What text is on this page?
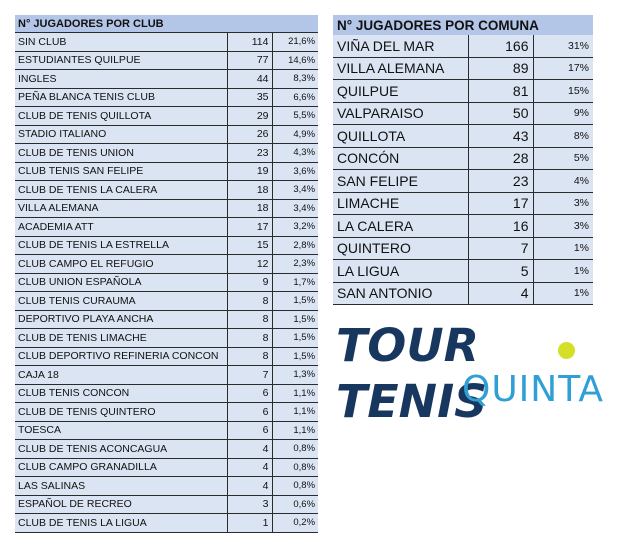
N° JUGADORES POR CLUB		
SIN CLUB	114	21,6%
ESTUDIANTES QUILPUE	77	14,6%
INGLES	44	8,3%
PEÑA BLANCA TENIS CLUB	35	6,6%
CLUB DE TENIS QUILLOTA	29	5,5%
STADIO ITALIANO	26	4,9%
CLUB DE TENIS UNION	23	4,3%
CLUB TENIS SAN FELIPE	19	3,6%
CLUB DE TENIS LA CALERA	18	3,4%
VILLA ALEMANA	18	3,4%
ACADEMIA ATT	17	3,2%
CLUB DE TENIS LA ESTRELLA	15	2,8%
CLUB CAMPO EL REFUGIO	12	2,3%
CLUB UNION ESPAÑOLA	9	1,7%
CLUB TENIS CURAUMA	8	1,5%
DEPORTIVO PLAYA ANCHA	8	1,5%
CLUB DE TENIS LIMACHE	8	1,5%
CLUB DEPORTIVO REFINERIA CONCON	8	1,5%
CAJA 18	7	1,3%
CLUB TENIS CONCON	6	1,1%
CLUB DE TENIS QUINTERO	6	1,1%
TOESCA	6	1,1%
CLUB DE TENIS ACONCAGUA	4	0,8%
CLUB CAMPO GRANADILLA	4	0,8%
LAS SALINAS	4	0,8%
ESPAÑOL DE RECREO	3	0,6%
CLUB DE TENIS LA LIGUA	1	0,2%
N° JUGADORES POR COMUNA		
VIÑA DEL MAR	166	31%
VILLA ALEMANA	89	17%
QUILPUE	81	15%
VALPARAISO	50	9%
QUILLOTA	43	8%
CONCÓN	28	5%
SAN FELIPE	23	4%
LIMACHE	17	3%
LA CALERA	16	3%
QUINTERO	7	1%
LA LIGUA	5	1%
SAN ANTONIO	4	1%
TOUR TENIS
QUINTA
